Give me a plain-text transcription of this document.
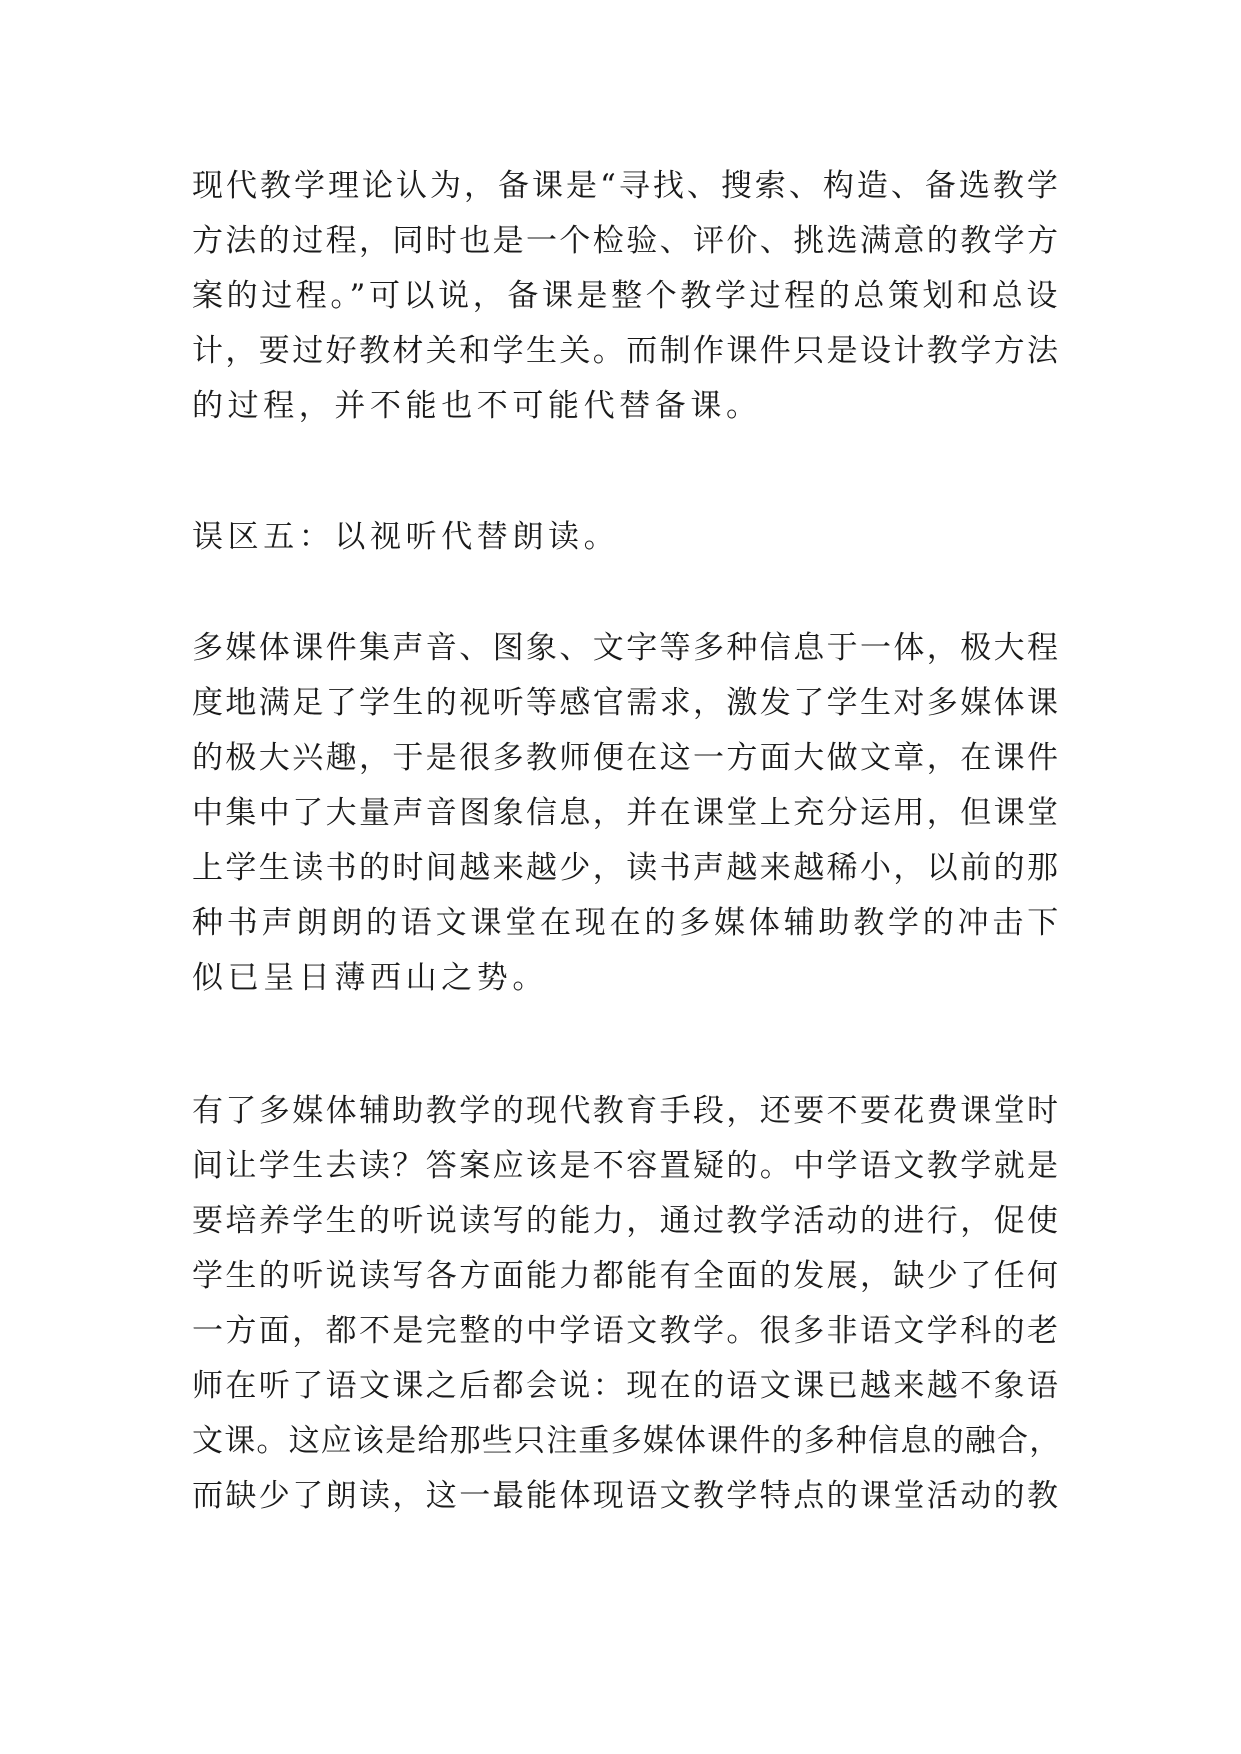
现代教学理论认为，备课是“寻找、搜索、构造、备选教学
方法的过程，同时也是一个检验、评价、挑选满意的教学方
案的过程。”可以说，备课是整个教学过程的总策划和总设
计，要过好教材关和学生关。而制作课件只是设计教学方法
的过程，并不能也不可能代替备课。
误区五：以视听代替朗读。
多媒体课件集声音、图象、文字等多种信息于一体，极大程
度地满足了学生的视听等感官需求，激发了学生对多媒体课
的极大兴趣，于是很多教师便在这一方面大做文章，在课件
中集中了大量声音图象信息，并在课堂上充分运用，但课堂
上学生读书的时间越来越少，读书声越来越稀小，以前的那
种书声朗朗的语文课堂在现在的多媒体辅助教学的冲击下
似已呈日薄西山之势。
有了多媒体辅助教学的现代教育手段，还要不要花费课堂时
间让学生去读？答案应该是不容置疑的。中学语文教学就是
要培养学生的听说读写的能力，通过教学活动的进行，促使
学生的听说读写各方面能力都能有全面的发展，缺少了任何
一方面，都不是完整的中学语文教学。很多非语文学科的老
师在听了语文课之后都会说：现在的语文课已越来越不象语
文课。这应该是给那些只注重多媒体课件的多种信息的融合，
而缺少了朗读，这一最能体现语文教学特点的课堂活动的教
